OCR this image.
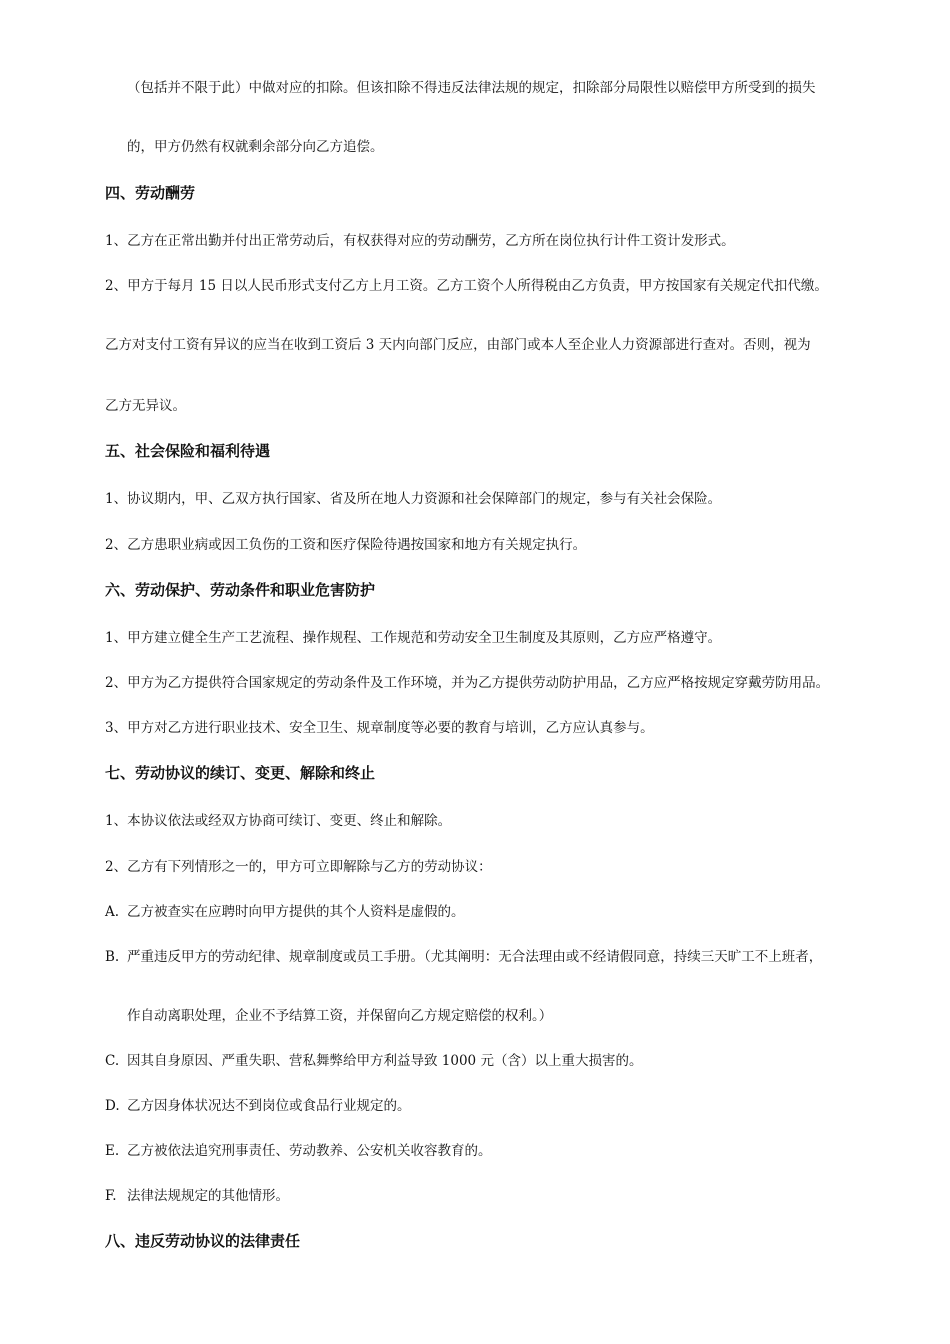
（包括并不限于此）中做对应的扣除。但该扣除不得违反法律法规的规定，扣除部分局限性以赔偿甲方所受到的损失
的，甲方仍然有权就剩余部分向乙方追偿。
四、劳动酬劳
1、乙方在正常出勤并付出正常劳动后，有权获得对应的劳动酬劳，乙方所在岗位执行计件工资计发形式。
2、甲方于每月 15 日以人民币形式支付乙方上月工资。乙方工资个人所得税由乙方负责，甲方按国家有关规定代扣代缴。
乙方对支付工资有异议的应当在收到工资后 3 天内向部门反应，由部门或本人至企业人力资源部进行查对。否则，视为
乙方无异议。
五、社会保险和福利待遇
1、协议期内，甲、乙双方执行国家、省及所在地人力资源和社会保障部门的规定，参与有关社会保险。
2、乙方患职业病或因工负伤的工资和医疗保险待遇按国家和地方有关规定执行。
六、劳动保护、劳动条件和职业危害防护
1、甲方建立健全生产工艺流程、操作规程、工作规范和劳动安全卫生制度及其原则，乙方应严格遵守。
2、甲方为乙方提供符合国家规定的劳动条件及工作环境，并为乙方提供劳动防护用品，乙方应严格按规定穿戴劳防用品。
3、甲方对乙方进行职业技术、安全卫生、规章制度等必要的教育与培训，乙方应认真参与。
七、劳动协议的续订、变更、解除和终止
1、本协议依法或经双方协商可续订、变更、终止和解除。
2、乙方有下列情形之一的，甲方可立即解除与乙方的劳动协议：
A. 乙方被查实在应聘时向甲方提供的其个人资料是虚假的。
B. 严重违反甲方的劳动纪律、规章制度或员工手册。（尤其阐明：无合法理由或不经请假同意，持续三天旷工不上班者，
作自动离职处理，企业不予结算工资，并保留向乙方规定赔偿的权利。）
C. 因其自身原因、严重失职、营私舞弊给甲方利益导致 1000 元（含）以上重大损害的。
D. 乙方因身体状况达不到岗位或食品行业规定的。
E. 乙方被依法追究刑事责任、劳动教养、公安机关收容教育的。
F. 法律法规规定的其他情形。
八、违反劳动协议的法律责任
